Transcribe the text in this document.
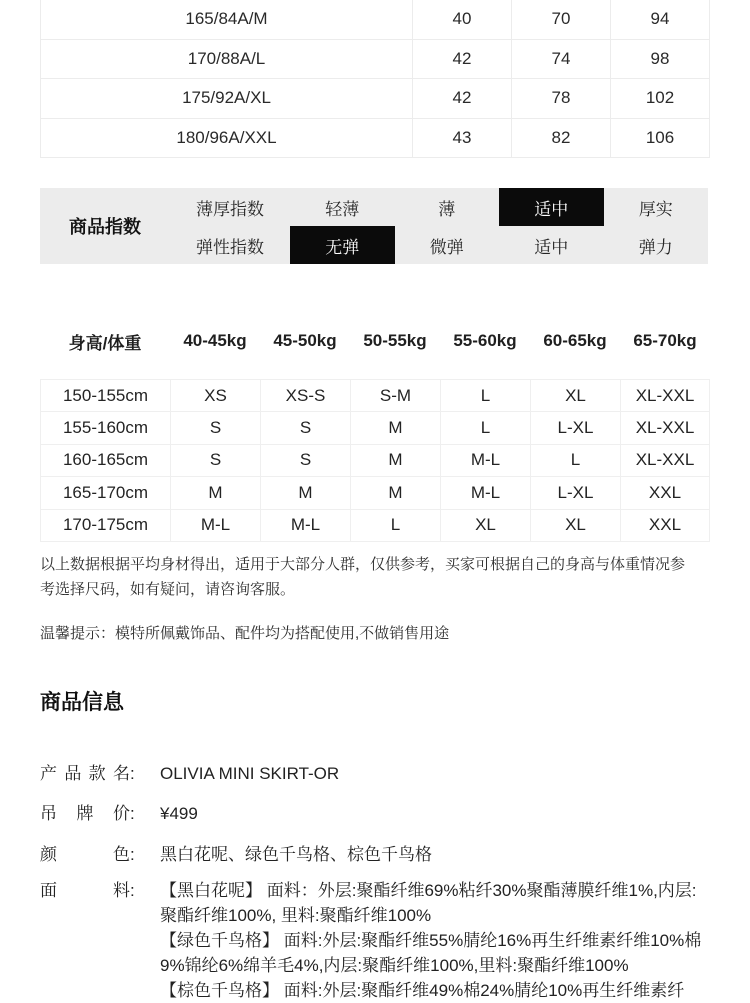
165/84A/M	40	70	94
170/88A/L	42	74	98
175/92A/XL	42	78	102
180/96A/XXL	43	82	106
商品指数
薄厚指数	轻薄	薄	适中	厚实
弹性指数	无弹	微弹	适中	弹力
身高/体重	40-45kg	45-50kg	50-55kg	55-60kg	60-65kg	65-70kg
150-155cm	XS	XS-S	S-M	L	XL	XL-XXL
155-160cm	S	S	M	L	L-XL	XL-XXL
160-165cm	S	S	M	M-L	L	XL-XXL
165-170cm	M	M	M	M-L	L-XL	XXL
170-175cm	M-L	M-L	L	XL	XL	XXL

以上数据根据平均身材得出，适用于大部分人群，仅供参考，买家可根据自己的身高与体重情况参考选择尺码，如有疑问，请咨询客服。

温馨提示：模特所佩戴饰品、配件均为搭配使用,不做销售用途

商品信息
产品款名:	OLIVIA MINI SKIRT-OR
吊牌价:	¥499
颜色:	黑白花呢、绿色千鸟格、棕色千鸟格
面料:	【黑白花呢】 面料：外层:聚酯纤维69%粘纤30%聚酯薄膜纤维1%,内层:聚酯纤维100%, 里料:聚酯纤维100%

【绿色千鸟格】 面料:外层:聚酯纤维55%腈纶16%再生纤维素纤维10%棉9%锦纶6%绵羊毛4%,内层:聚酯纤维100%,里料:聚酯纤维100%

【棕色千鸟格】 面料:外层:聚酯纤维49%棉24%腈纶10%再生纤维素纤
